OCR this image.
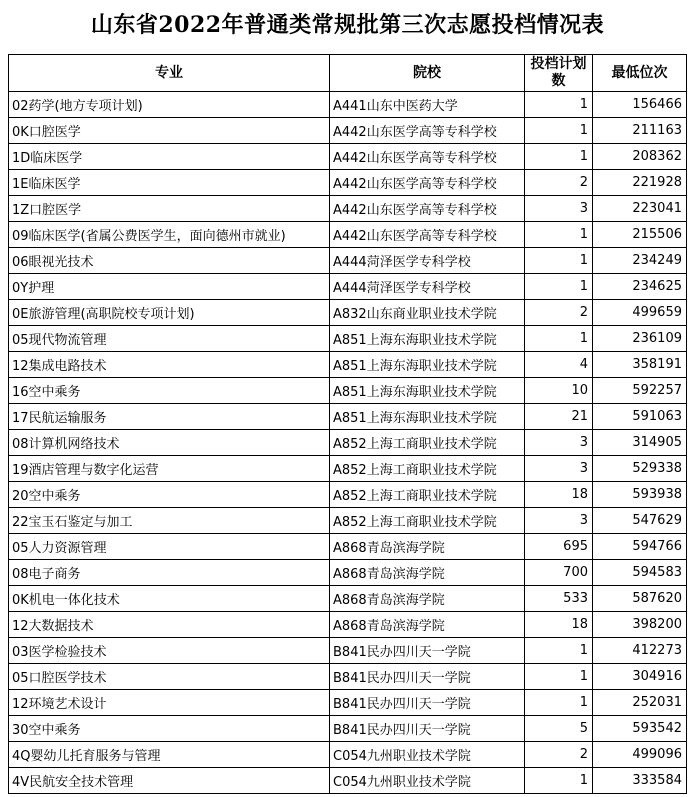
山东省2022年普通类常规批第三次志愿投档情况表
专业	院校	投档计划数	最低位次
02药学(地方专项计划)	A441山东中医药大学	1	156466
0K口腔医学	A442山东医学高等专科学校	1	211163
1D临床医学	A442山东医学高等专科学校	1	208362
1E临床医学	A442山东医学高等专科学校	2	221928
1Z口腔医学	A442山东医学高等专科学校	3	223041
09临床医学(省属公费医学生，面向德州市就业)	A442山东医学高等专科学校	1	215506
06眼视光技术	A444菏泽医学专科学校	1	234249
0Y护理	A444菏泽医学专科学校	1	234625
0E旅游管理(高职院校专项计划)	A832山东商业职业技术学院	2	499659
05现代物流管理	A851上海东海职业技术学院	1	236109
12集成电路技术	A851上海东海职业技术学院	4	358191
16空中乘务	A851上海东海职业技术学院	10	592257
17民航运输服务	A851上海东海职业技术学院	21	591063
08计算机网络技术	A852上海工商职业技术学院	3	314905
19酒店管理与数字化运营	A852上海工商职业技术学院	3	529338
20空中乘务	A852上海工商职业技术学院	18	593938
22宝玉石鉴定与加工	A852上海工商职业技术学院	3	547629
05人力资源管理	A868青岛滨海学院	695	594766
08电子商务	A868青岛滨海学院	700	594583
0K机电一体化技术	A868青岛滨海学院	533	587620
12大数据技术	A868青岛滨海学院	18	398200
03医学检验技术	B841民办四川天一学院	1	412273
05口腔医学技术	B841民办四川天一学院	1	304916
12环境艺术设计	B841民办四川天一学院	1	252031
30空中乘务	B841民办四川天一学院	5	593542
4Q婴幼儿托育服务与管理	C054九州职业技术学院	2	499096
4V民航安全技术管理	C054九州职业技术学院	1	333584
